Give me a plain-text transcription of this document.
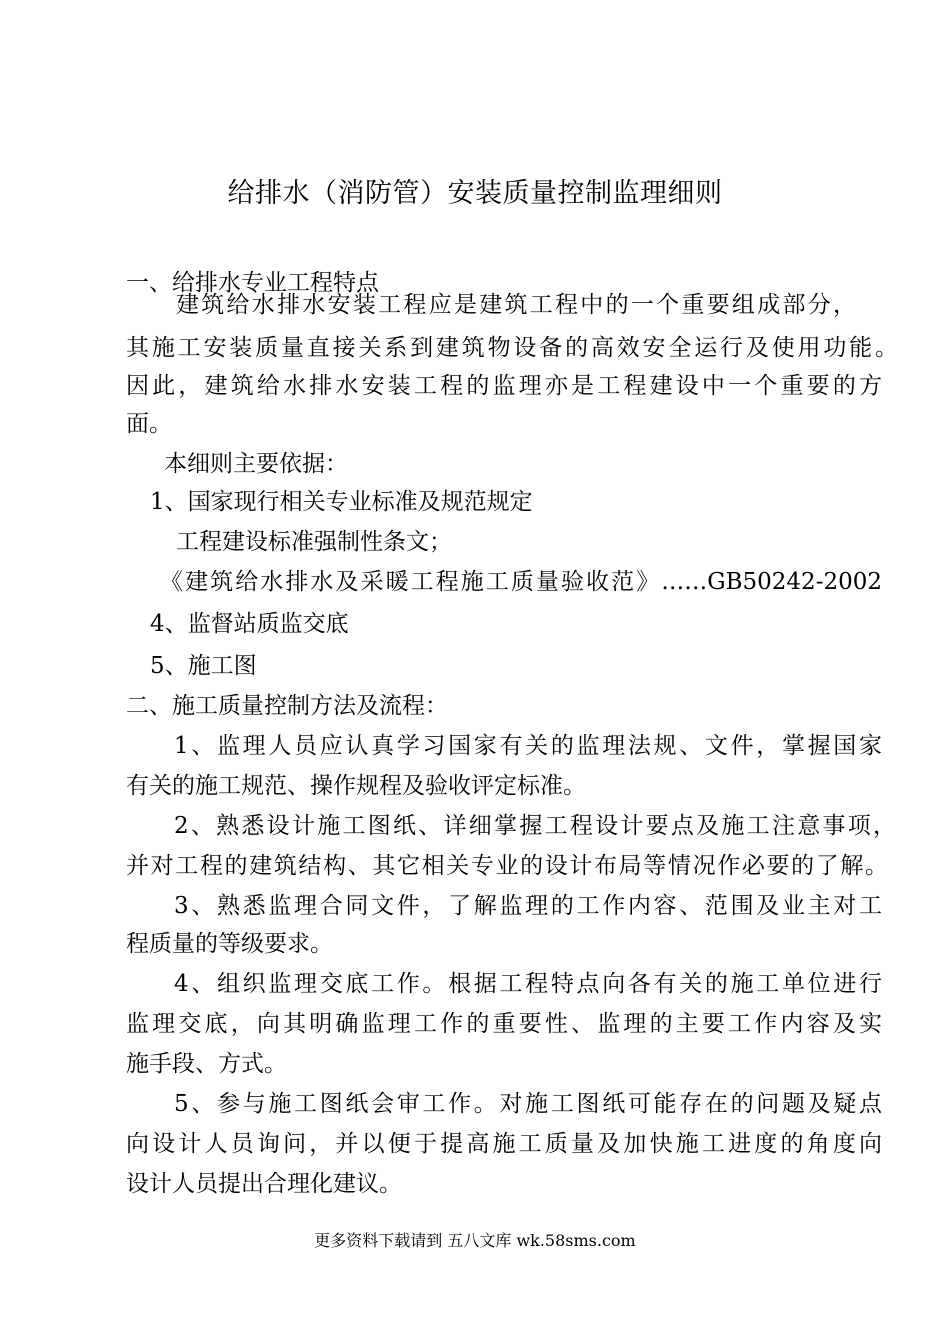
给排水（消防管）安装质量控制监理细则
一、给排水专业工程特点
建筑给水排水安装工程应是建筑工程中的一个重要组成部分，
其施工安装质量直接关系到建筑物设备的高效安全运行及使用功能。
因此，建筑给水排水安装工程的监理亦是工程建设中一个重要的方
面。
本细则主要依据：
1、国家现行相关专业标准及规范规定
工程建设标准强制性条文；
《建筑给水排水及采暖工程施工质量验收范》……GB50242-2002
4、监督站质监交底
5、施工图
二、施工质量控制方法及流程：
1、监理人员应认真学习国家有关的监理法规、文件，掌握国家
有关的施工规范、操作规程及验收评定标准。
2、熟悉设计施工图纸、详细掌握工程设计要点及施工注意事项，
并对工程的建筑结构、其它相关专业的设计布局等情况作必要的了解。
3、熟悉监理合同文件，了解监理的工作内容、范围及业主对工
程质量的等级要求。
4、组织监理交底工作。根据工程特点向各有关的施工单位进行
监理交底，向其明确监理工作的重要性、监理的主要工作内容及实
施手段、方式。
5、参与施工图纸会审工作。对施工图纸可能存在的问题及疑点
向设计人员询问，并以便于提高施工质量及加快施工进度的角度向
设计人员提出合理化建议。
更多资料下载请到 五八文库 wk.58sms.com
